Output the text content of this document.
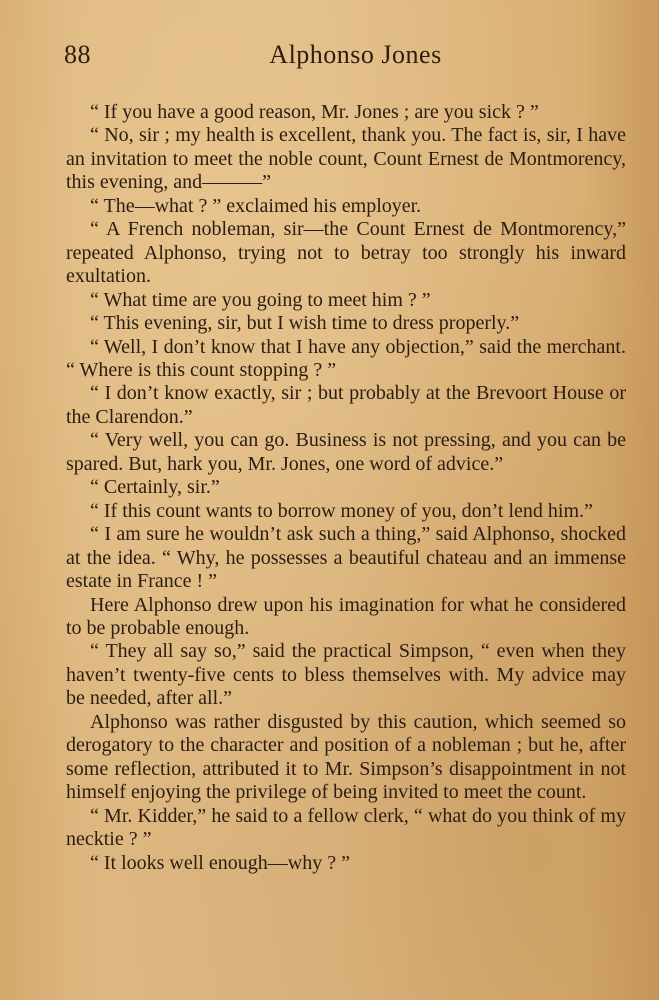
88	Alphonso Jones

“ If you have a good reason, Mr. Jones ; are you sick ? ”

“ No, sir ; my health is excellent, thank you. The fact is, sir, I have an invitation to meet the noble count, Count Ernest de Montmorency, this evening, and———”

“ The—what ? ” exclaimed his employer.

“ A French nobleman, sir—the Count Ernest de Montmorency,” repeated Alphonso, trying not to betray too strongly his inward exultation.

“ What time are you going to meet him ? ”

“ This evening, sir, but I wish time to dress properly.”

“ Well, I don’t know that I have any objection,” said the merchant. “ Where is this count stopping ? ”

“ I don’t know exactly, sir ; but probably at the Brevoort House or the Clarendon.”

“ Very well, you can go. Business is not pressing, and you can be spared. But, hark you, Mr. Jones, one word of advice.”

“ Certainly, sir.”

“ If this count wants to borrow money of you, don’t lend him.”

“ I am sure he wouldn’t ask such a thing,” said Alphonso, shocked at the idea. “ Why, he possesses a beautiful chateau and an immense estate in France ! ”

Here Alphonso drew upon his imagination for what he considered to be probable enough.

“ They all say so,” said the practical Simpson, “ even when they haven’t twenty-five cents to bless themselves with. My advice may be needed, after all.”

Alphonso was rather disgusted by this caution, which seemed so derogatory to the character and position of a nobleman ; but he, after some reflection, attributed it to Mr. Simpson’s disappointment in not himself enjoying the privilege of being invited to meet the count.

“ Mr. Kidder,” he said to a fellow clerk, “ what do you think of my necktie ? ”

“ It looks well enough—why ? ”
